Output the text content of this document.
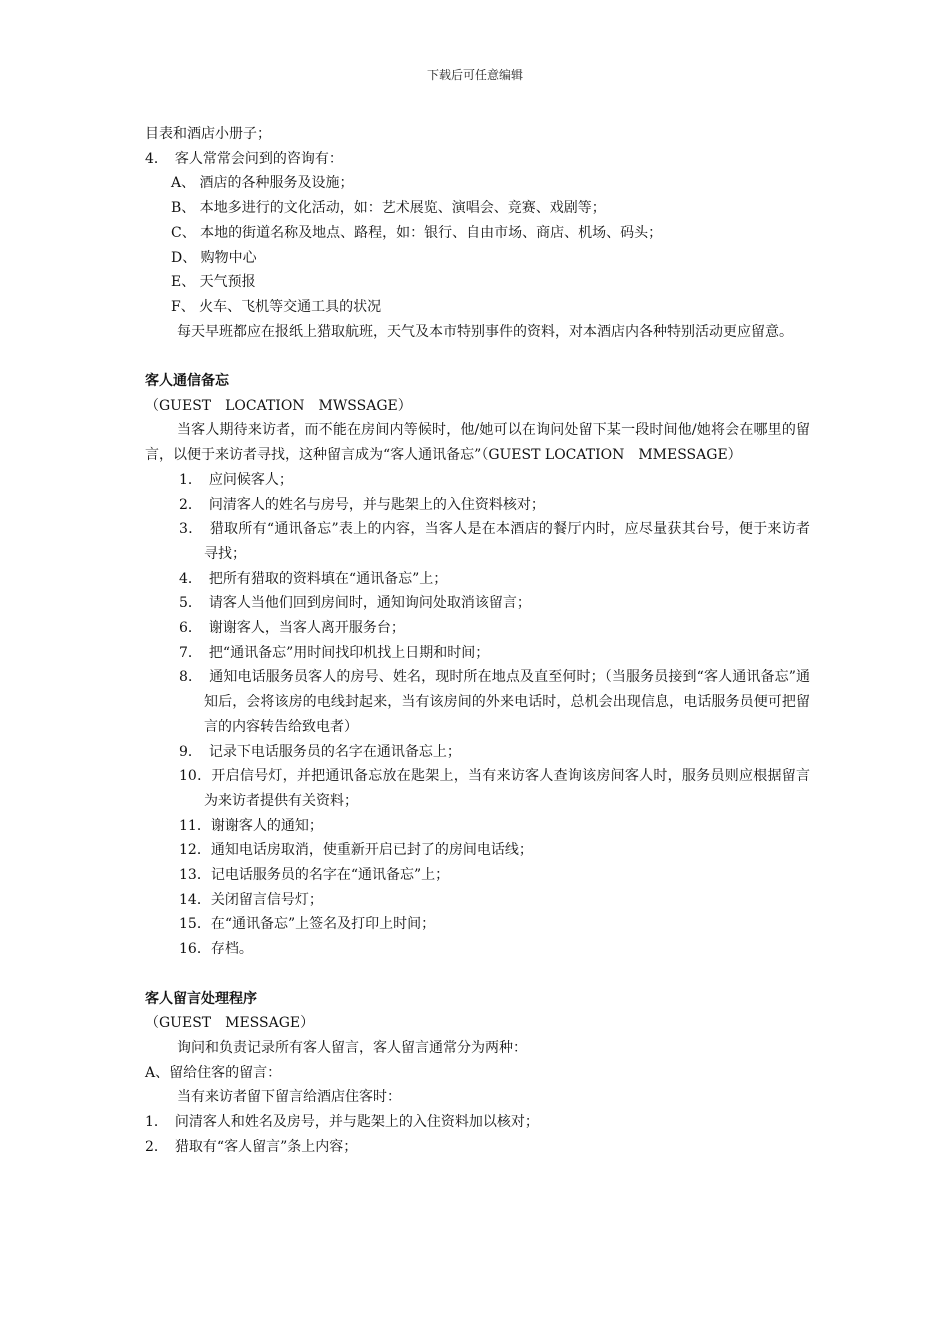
下载后可任意编辑

目表和酒店小册子；

4．　客人常常会问到的咨询有：

A、 酒店的各种服务及设施；

B、 本地多进行的文化活动，如：艺术展览、演唱会、竞赛、戏剧等；

C、 本地的街道名称及地点、路程，如：银行、自由市场、商店、机场、码头；

D、 购物中心

E、 天气预报

F、 火车、飞机等交通工具的状况

每天早班都应在报纸上猎取航班，天气及本市特别事件的资料，对本酒店内各种特别活动更应留意。

客人通信备忘

（GUEST　LOCATION　MWSSAGE）

当客人期待来访者，而不能在房间内等候时，他/她可以在询问处留下某一段时间他/她将会在哪里的留言，以便于来访者寻找，这种留言成为“客人通讯备忘”（GUEST LOCATION　MMESSAGE）

1．　应问候客人；

2．　问清客人的姓名与房号，并与匙架上的入住资料核对；

3．　猎取所有“通讯备忘”表上的内容，当客人是在本酒店的餐厅内时，应尽量获其台号，便于来访者寻找；

4．　把所有猎取的资料填在“通讯备忘”上；

5．　请客人当他们回到房间时，通知询问处取消该留言；

6．　谢谢客人，当客人离开服务台；

7．　把“通讯备忘”用时间找印机找上日期和时间；

8．　通知电话服务员客人的房号、姓名，现时所在地点及直至何时；（当服务员接到“客人通讯备忘”通知后，会将该房的电线封起来，当有该房间的外来电话时，总机会出现信息，电话服务员便可把留言的内容转告给致电者）

9．　记录下电话服务员的名字在通讯备忘上；

10．开启信号灯，并把通讯备忘放在匙架上，当有来访客人查询该房间客人时，服务员则应根据留言为来访者提供有关资料；

11．谢谢客人的通知；

12．通知电话房取消，使重新开启已封了的房间电话线；

13．记电话服务员的名字在“通讯备忘”上；

14．关闭留言信号灯；

15．在“通讯备忘”上签名及打印上时间；

16．存档。

客人留言处理程序

（GUEST　MESSAGE）

询问和负责记录所有客人留言，客人留言通常分为两种：

A、留给住客的留言：

当有来访者留下留言给酒店住客时：

1．　问清客人和姓名及房号，并与匙架上的入住资料加以核对；

2．　猎取有“客人留言”条上内容；
